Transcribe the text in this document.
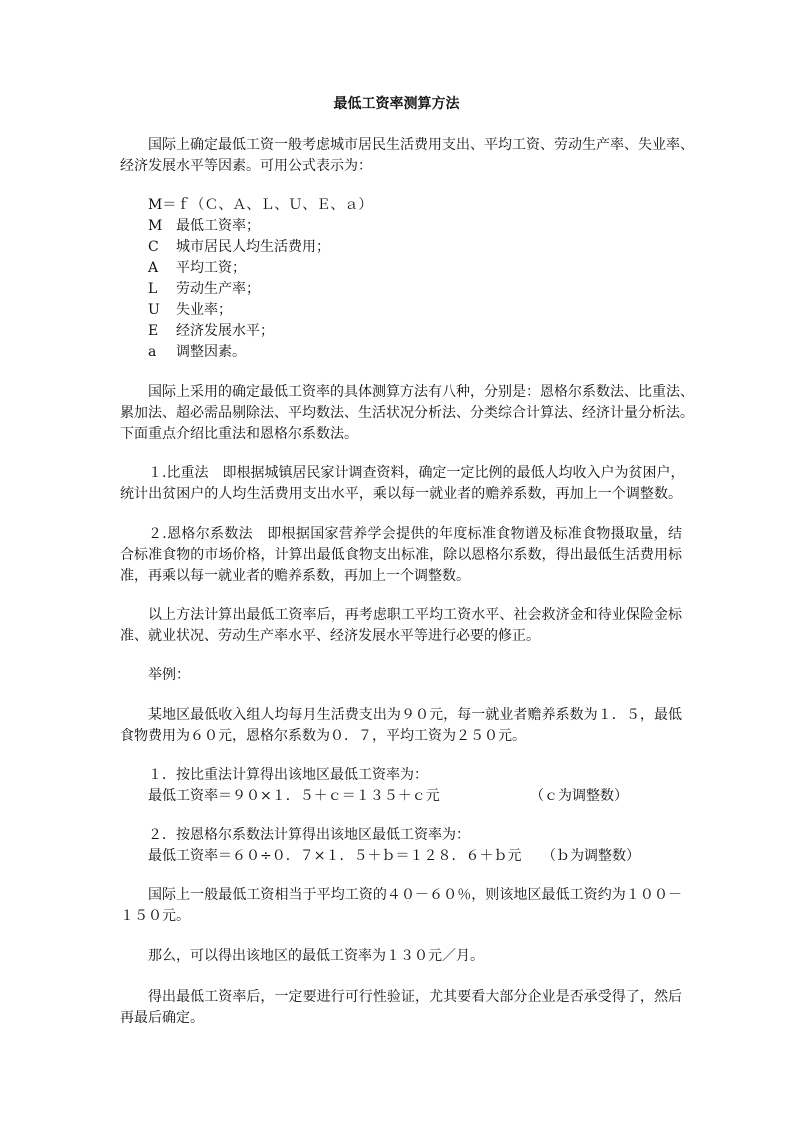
最低工资率测算方法
国际上确定最低工资一般考虑城市居民生活费用支出、平均工资、劳动生产率、失业率、
经济发展水平等因素。可用公式表示为：
M＝ｆ（Ｃ、Ａ、Ｌ、Ｕ、Ｅ、ａ）
M 最低工资率；
C 城市居民人均生活费用；
A 平均工资；
L 劳动生产率；
U 失业率；
E 经济发展水平；
a 调整因素。
国际上采用的确定最低工资率的具体测算方法有八种，分别是：恩格尔系数法、比重法、
累加法、超必需品剔除法、平均数法、生活状况分析法、分类综合计算法、经济计量分析法。
下面重点介绍比重法和恩格尔系数法。
１.比重法　即根据城镇居民家计调查资料，确定一定比例的最低人均收入户为贫困户，
统计出贫困户的人均生活费用支出水平，乘以每一就业者的赡养系数，再加上一个调整数。
２.恩格尔系数法　即根据国家营养学会提供的年度标准食物谱及标准食物摄取量，结
合标准食物的市场价格，计算出最低食物支出标准，除以恩格尔系数，得出最低生活费用标
准，再乘以每一就业者的赡养系数，再加上一个调整数。
以上方法计算出最低工资率后，再考虑职工平均工资水平、社会救济金和待业保险金标
准、就业状况、劳动生产率水平、经济发展水平等进行必要的修正。
举例：
某地区最低收入组人均每月生活费支出为９０元，每一就业者赡养系数为１．５，最低
食物费用为６０元，恩格尔系数为０．７，平均工资为２５０元。
１．按比重法计算得出该地区最低工资率为：
最低工资率＝９０×１．５＋ｃ＝１３５＋ｃ元	（ｃ为调整数）
２．按恩格尔系数法计算得出该地区最低工资率为：
最低工资率＝６０÷０．７×１．５＋ｂ＝１２８．６＋ｂ元 （ｂ为调整数）
国际上一般最低工资相当于平均工资的４０－６０％，则该地区最低工资约为１００－
１５０元。
那么，可以得出该地区的最低工资率为１３０元／月。
得出最低工资率后，一定要进行可行性验证，尤其要看大部分企业是否承受得了，然后
再最后确定。
